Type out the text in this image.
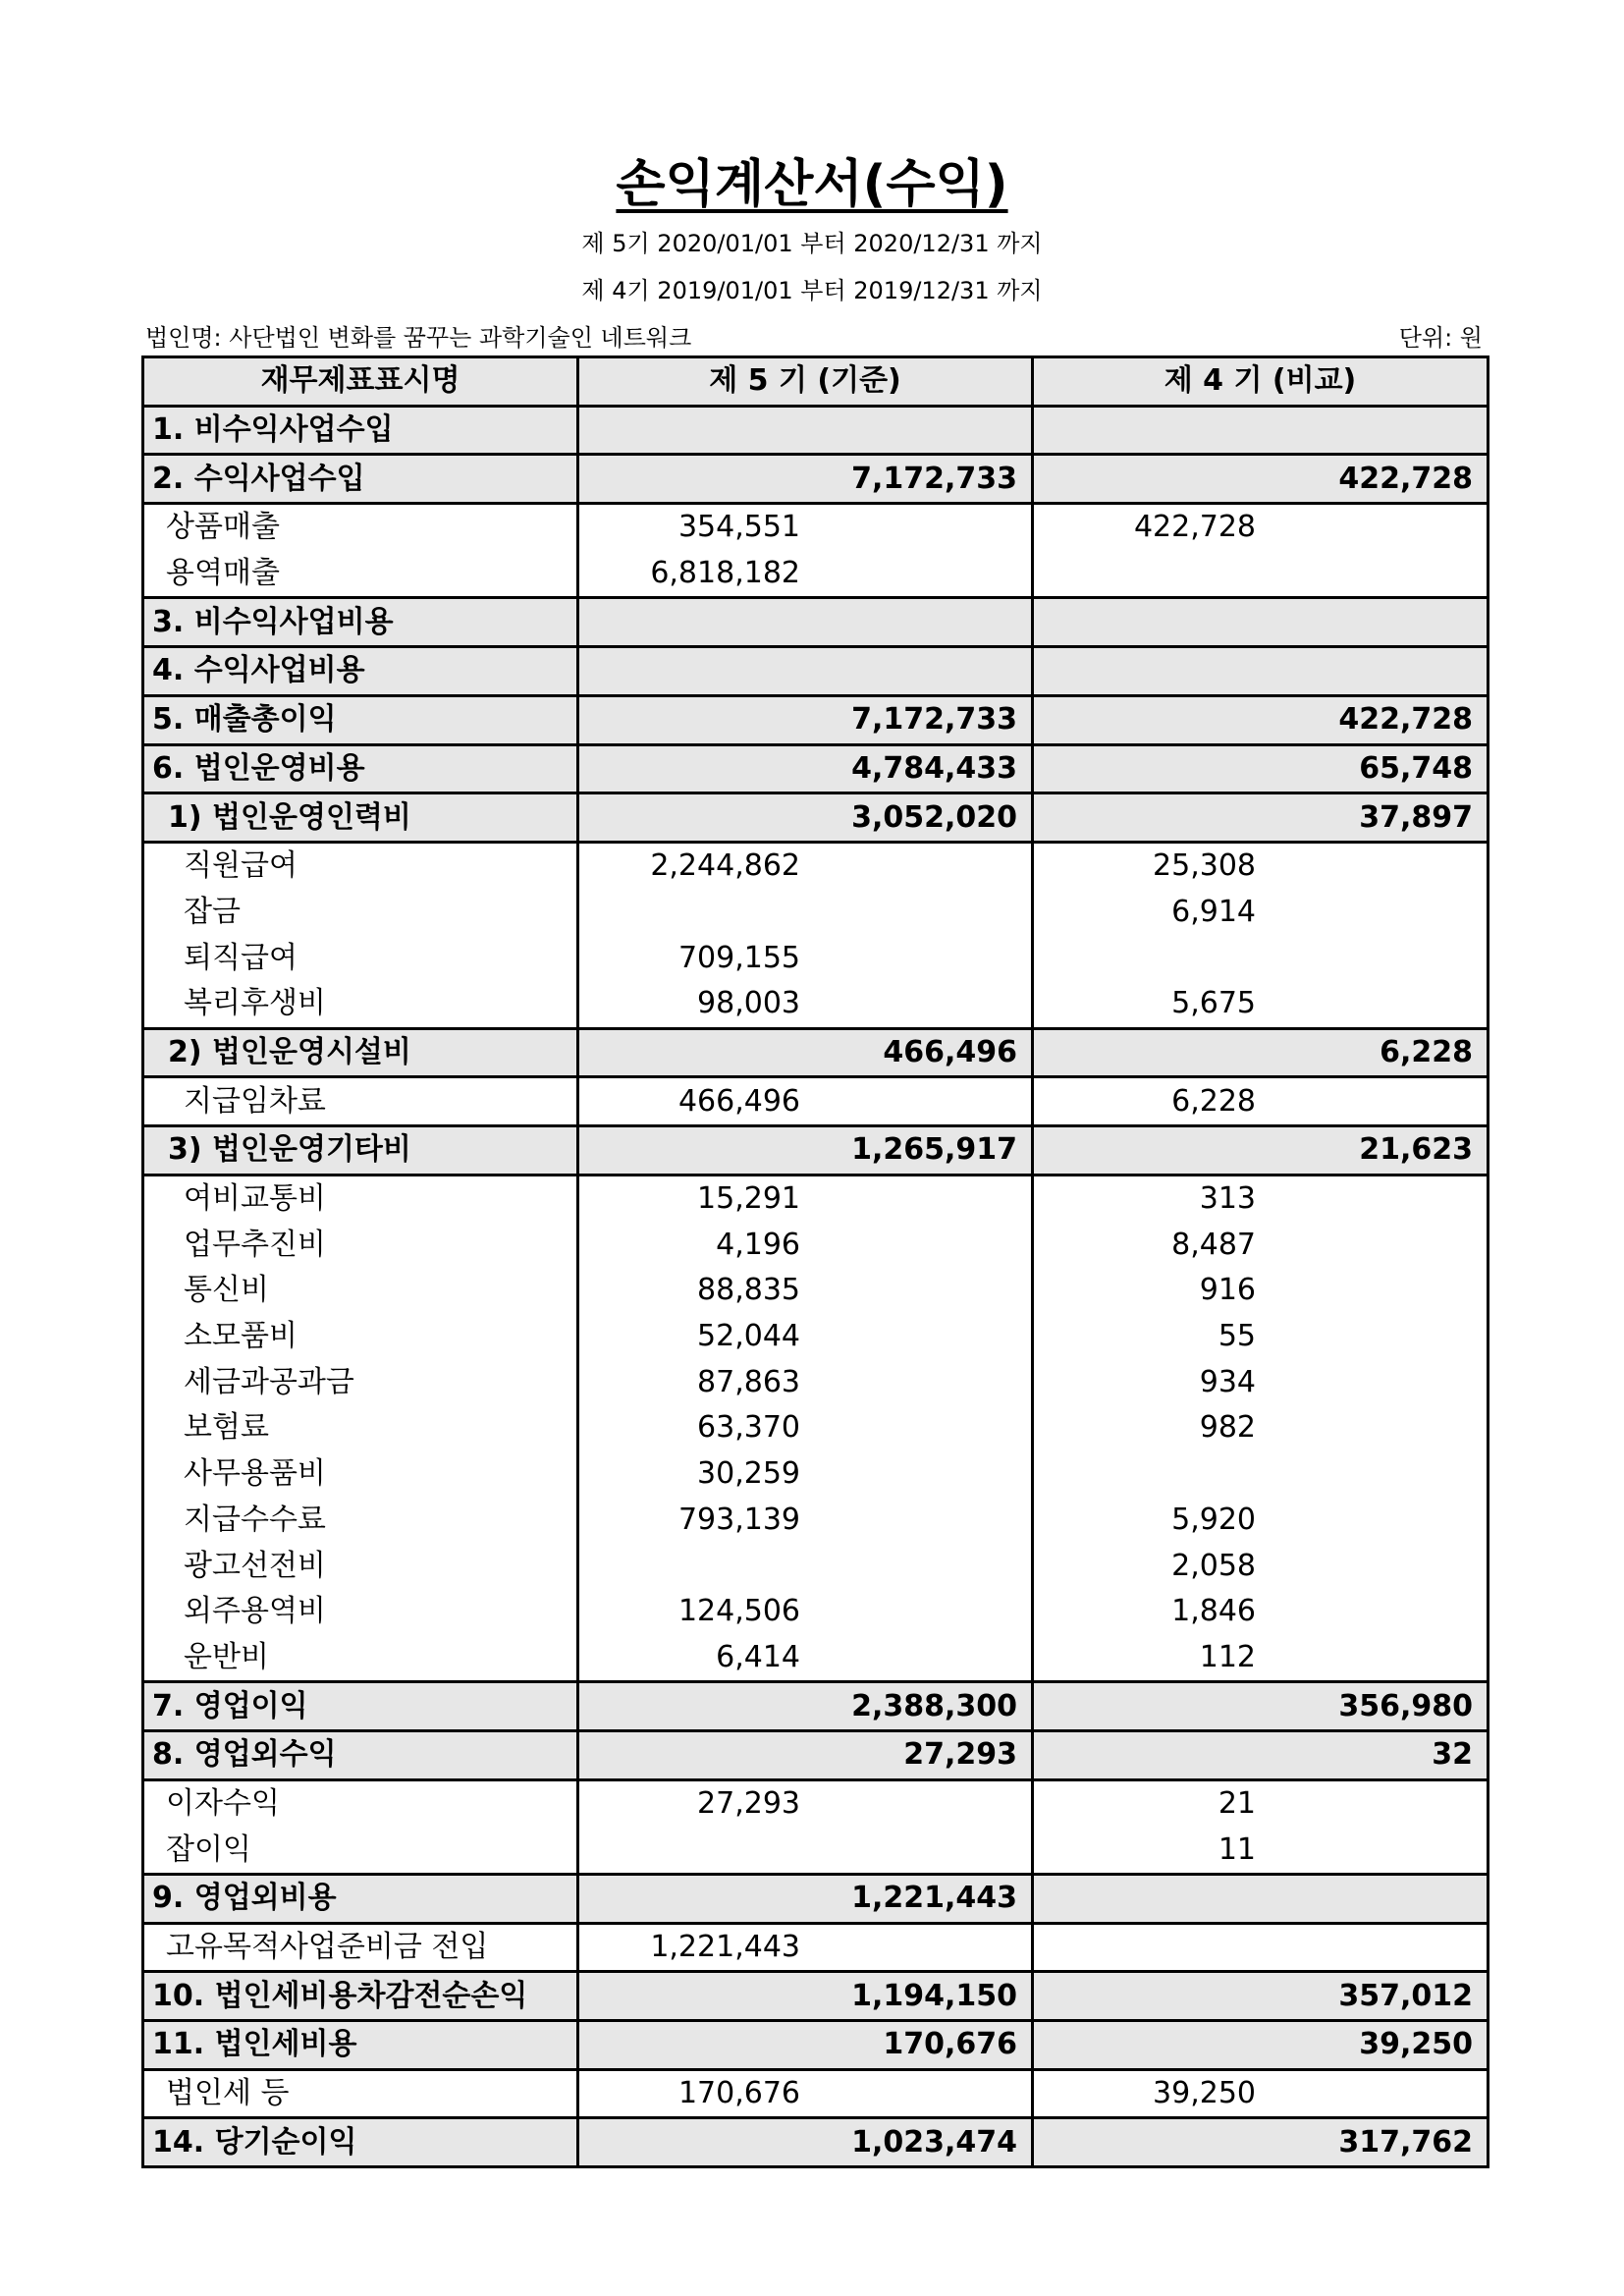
손익계산서(수익)
제 5기 2020/01/01 부터 2020/12/31 까지
제 4기 2019/01/01 부터 2019/12/31 까지
법인명: 사단법인 변화를 꿈꾸는 과학기술인 네트워크	단위: 원
재무제표표시명	제 5 기 (기준)	제 4 기 (비교)
1. 비수익사업수입		
2. 수익사업수입	7,172,733	422,728
상품매출	354,551	422,728
용역매출	6,818,182	
3. 비수익사업비용		
4. 수익사업비용		
5. 매출총이익	7,172,733	422,728
6. 법인운영비용	4,784,433	65,748
1) 법인운영인력비	3,052,020	37,897
직원급여	2,244,862	25,308
잡금		6,914
퇴직급여	709,155	
복리후생비	98,003	5,675
2) 법인운영시설비	466,496	6,228
지급임차료	466,496	6,228
3) 법인운영기타비	1,265,917	21,623
여비교통비	15,291	313
업무추진비	4,196	8,487
통신비	88,835	916
소모품비	52,044	55
세금과공과금	87,863	934
보험료	63,370	982
사무용품비	30,259	
지급수수료	793,139	5,920
광고선전비		2,058
외주용역비	124,506	1,846
운반비	6,414	112
7. 영업이익	2,388,300	356,980
8. 영업외수익	27,293	32
이자수익	27,293	21
잡이익		11
9. 영업외비용	1,221,443	
고유목적사업준비금 전입	1,221,443	
10. 법인세비용차감전순손익	1,194,150	357,012
11. 법인세비용	170,676	39,250
법인세 등	170,676	39,250
14. 당기순이익	1,023,474	317,762
